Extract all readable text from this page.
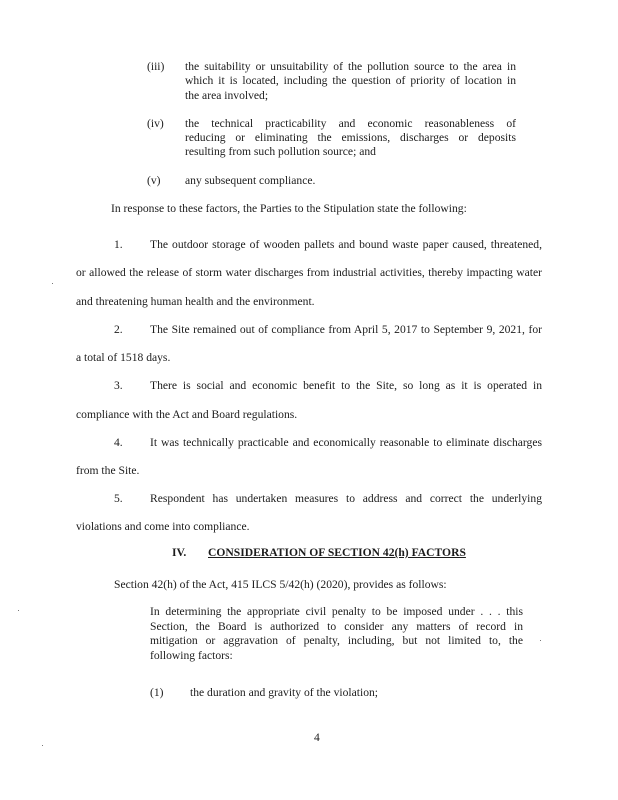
(iii) the suitability or unsuitability of the pollution source to the area in
which it is located, including the question of priority of location in
the area involved;
(iv) the technical practicability and economic reasonableness of
reducing or eliminating the emissions, discharges or deposits
resulting from such pollution source; and
(v) any subsequent compliance.
In response to these factors, the Parties to the Stipulation state the following:
1. The outdoor storage of wooden pallets and bound waste paper caused, threatened,
or allowed the release of storm water discharges from industrial activities, thereby impacting water
and threatening human health and the environment.
2. The Site remained out of compliance from April 5, 2017 to September 9, 2021, for
a total of 1518 days.
3. There is social and economic benefit to the Site, so long as it is operated in
compliance with the Act and Board regulations.
4. It was technically practicable and economically reasonable to eliminate discharges
from the Site.
5. Respondent has undertaken measures to address and correct the underlying
violations and come into compliance.
IV. CONSIDERATION OF SECTION 42(h) FACTORS
Section 42(h) of the Act, 415 ILCS 5/42(h) (2020), provides as follows:
In determining the appropriate civil penalty to be imposed under . . . this
Section, the Board is authorized to consider any matters of record in
mitigation or aggravation of penalty, including, but not limited to, the
following factors:
(1) the duration and gravity of the violation;
4
